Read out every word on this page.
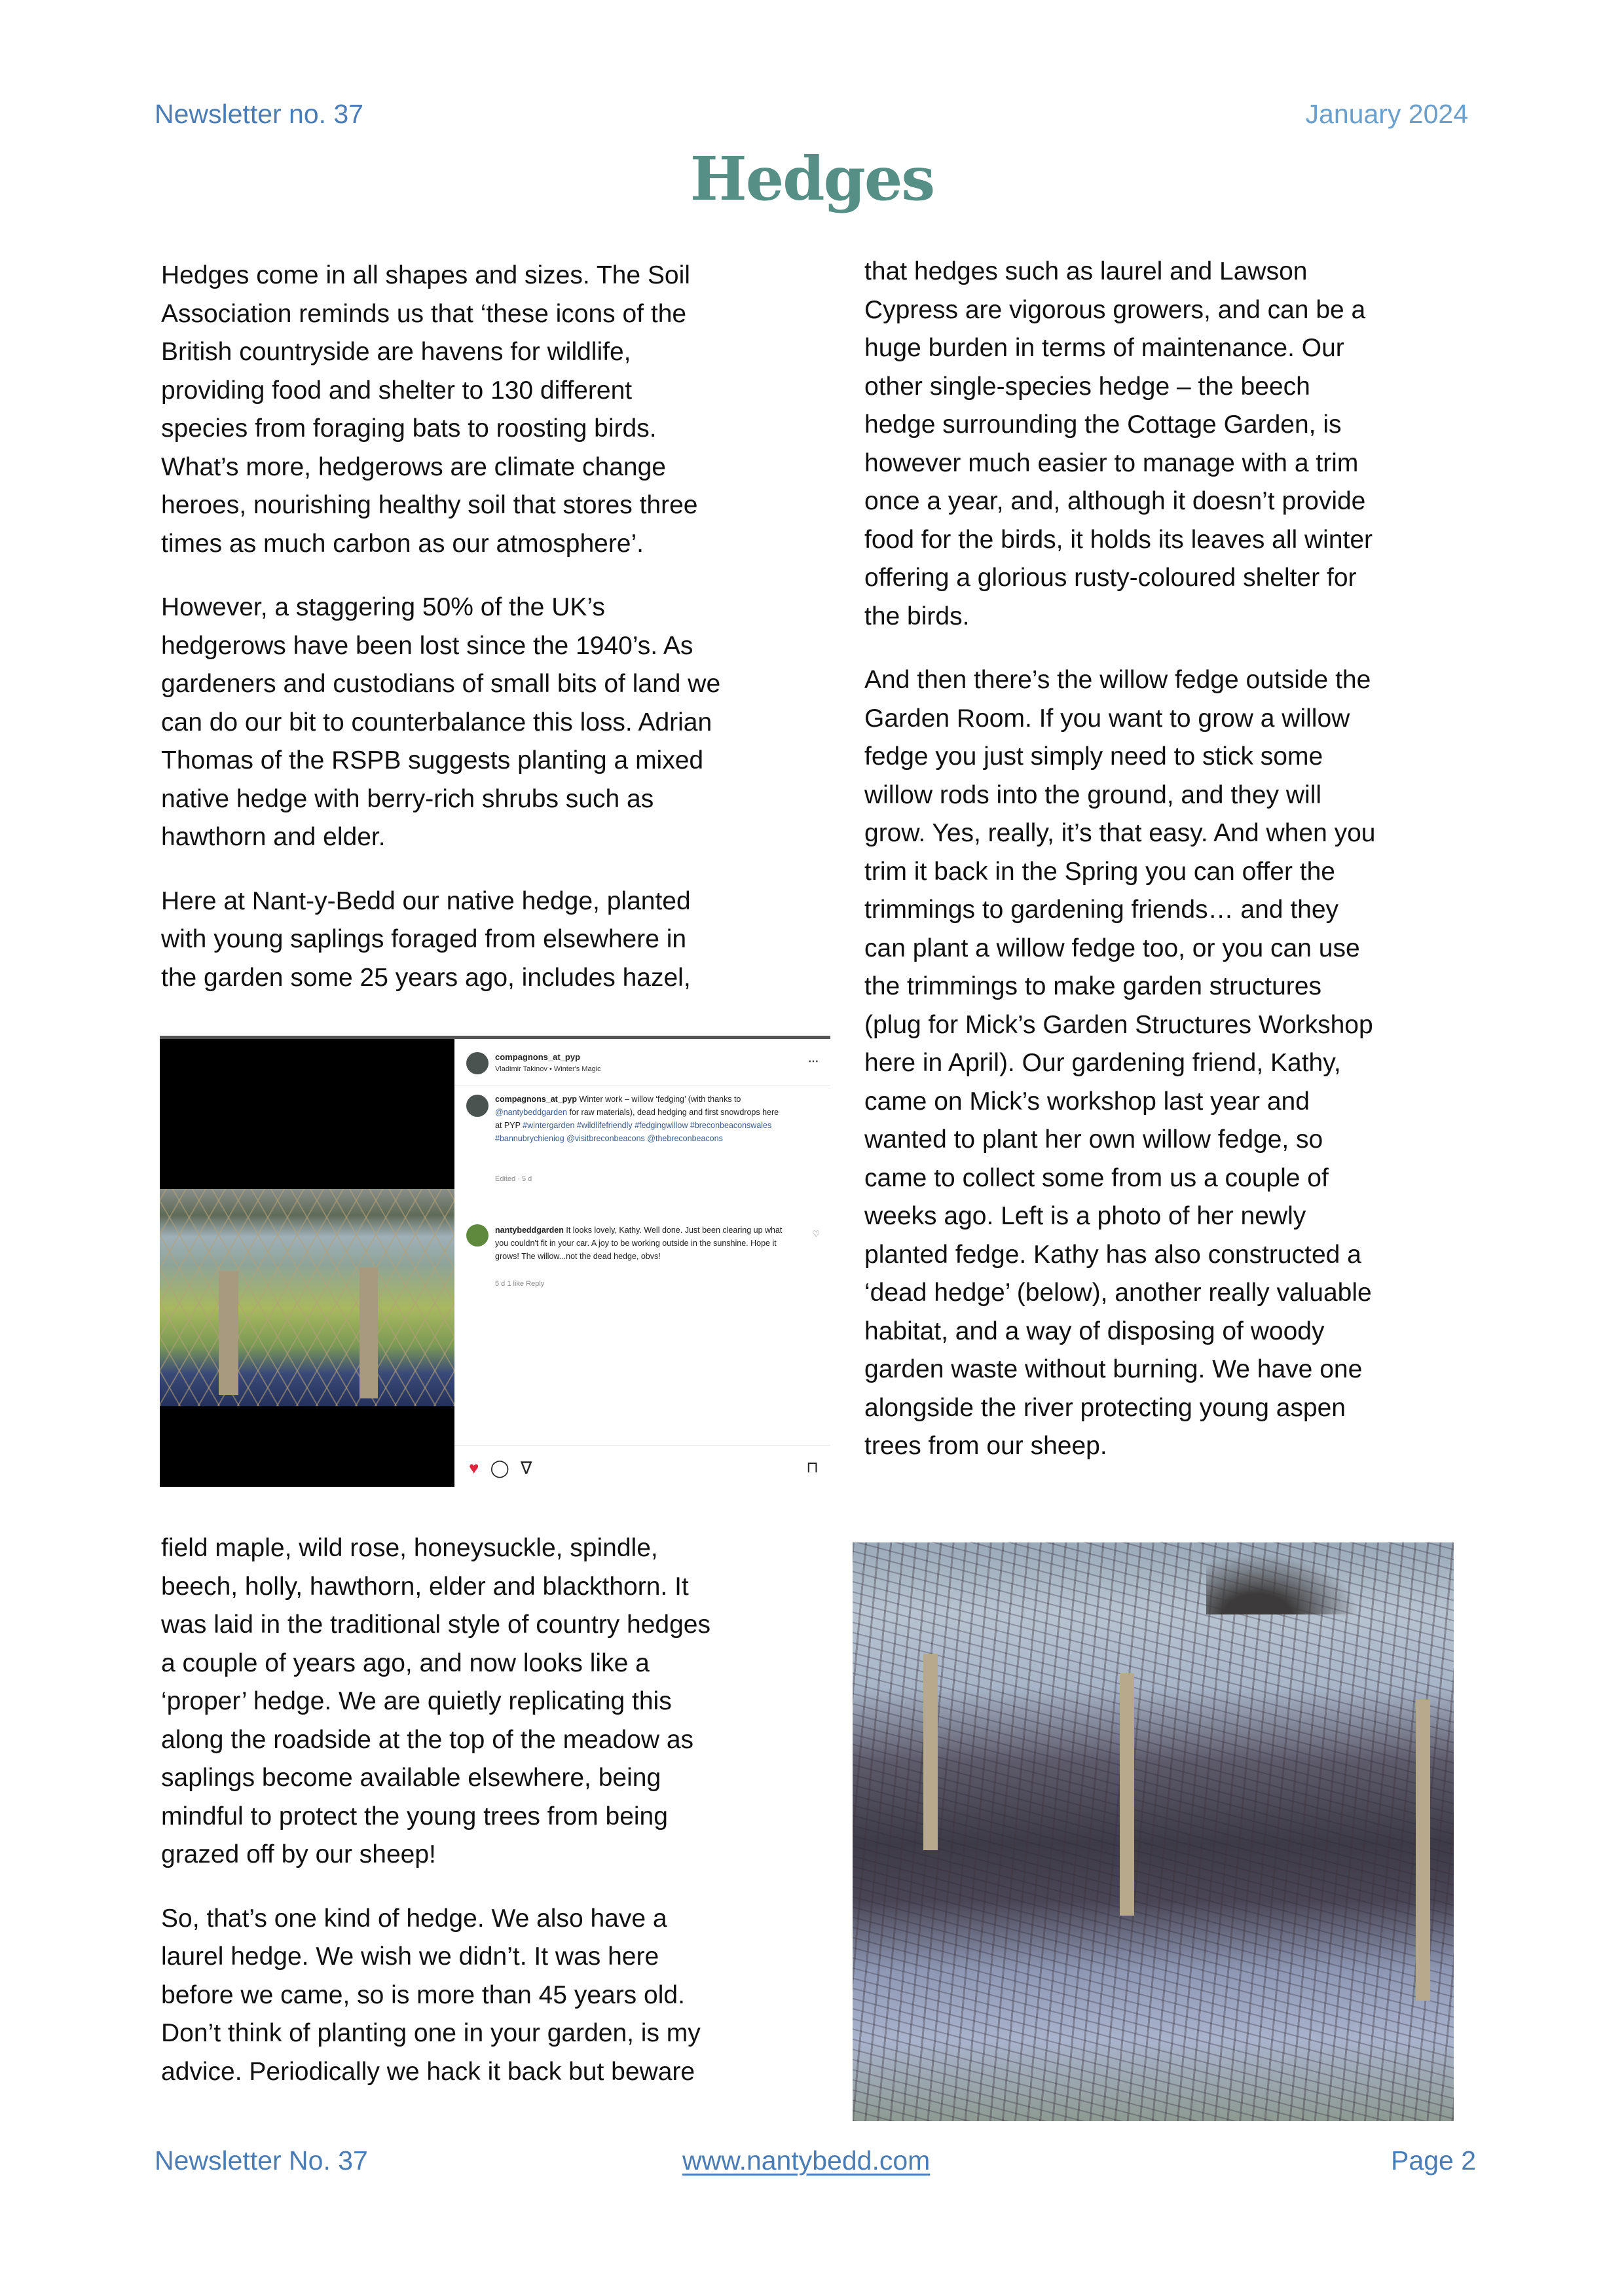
Newsletter no. 37	January 2024
Hedges

Hedges come in all shapes and sizes. The Soil
Association reminds us that ‘these icons of the
British countryside are havens for wildlife,
providing food and shelter to 130 different
species from foraging bats to roosting birds.
What’s more, hedgerows are climate change
heroes, nourishing healthy soil that stores three
times as much carbon as our atmosphere’.

However, a staggering 50% of the UK’s
hedgerows have been lost since the 1940’s. As
gardeners and custodians of small bits of land we
can do our bit to counterbalance this loss. Adrian
Thomas of the RSPB suggests planting a mixed
native hedge with berry-rich shrubs such as
hawthorn and elder.

Here at Nant-y-Bedd our native hedge, planted
with young saplings foraged from elsewhere in
the garden some 25 years ago, includes hazel,

compagnons_at_pyp
Vladimir Takinov • Winter's Magic
⋯
compagnons_at_pyp Winter work – willow ‘fedging’ (with thanks to @nantybeddgarden for raw materials), dead hedging and first snowdrops here at PYP #wintergarden #wildlifefriendly #fedgingwillow #breconbeaconswales #bannubrychieniog @visitbreconbeacons @thebreconbeacons
Edited · 5 d
nantybeddgarden It looks lovely, Kathy. Well done. Just been clearing up what you couldn't fit in your car. A joy to be working outside in the sunshine. Hope it grows! The willow...not the dead hedge, obvs!
♡
5 d 1 like Reply
♥ ◯ ∇	⊓

field maple, wild rose, honeysuckle, spindle,
beech, holly, hawthorn, elder and blackthorn. It
was laid in the traditional style of country hedges
a couple of years ago, and now looks like a
‘proper’ hedge. We are quietly replicating this
along the roadside at the top of the meadow as
saplings become available elsewhere, being
mindful to protect the young trees from being
grazed off by our sheep!

So, that’s one kind of hedge. We also have a
laurel hedge. We wish we didn’t. It was here
before we came, so is more than 45 years old.
Don’t think of planting one in your garden, is my
advice. Periodically we hack it back but beware

that hedges such as laurel and Lawson
Cypress are vigorous growers, and can be a
huge burden in terms of maintenance. Our
other single-species hedge – the beech
hedge surrounding the Cottage Garden, is
however much easier to manage with a trim
once a year, and, although it doesn’t provide
food for the birds, it holds its leaves all winter
offering a glorious rusty-coloured shelter for
the birds.

And then there’s the willow fedge outside the
Garden Room. If you want to grow a willow
fedge you just simply need to stick some
willow rods into the ground, and they will
grow. Yes, really, it’s that easy. And when you
trim it back in the Spring you can offer the
trimmings to gardening friends… and they
can plant a willow fedge too, or you can use
the trimmings to make garden structures
(plug for Mick’s Garden Structures Workshop
here in April). Our gardening friend, Kathy,
came on Mick’s workshop last year and
wanted to plant her own willow fedge, so
came to collect some from us a couple of
weeks ago. Left is a photo of her newly
planted fedge. Kathy has also constructed a
‘dead hedge’ (below), another really valuable
habitat, and a way of disposing of woody
garden waste without burning. We have one
alongside the river protecting young aspen
trees from our sheep.

Newsletter No. 37	www.nantybedd.com	Page 2
